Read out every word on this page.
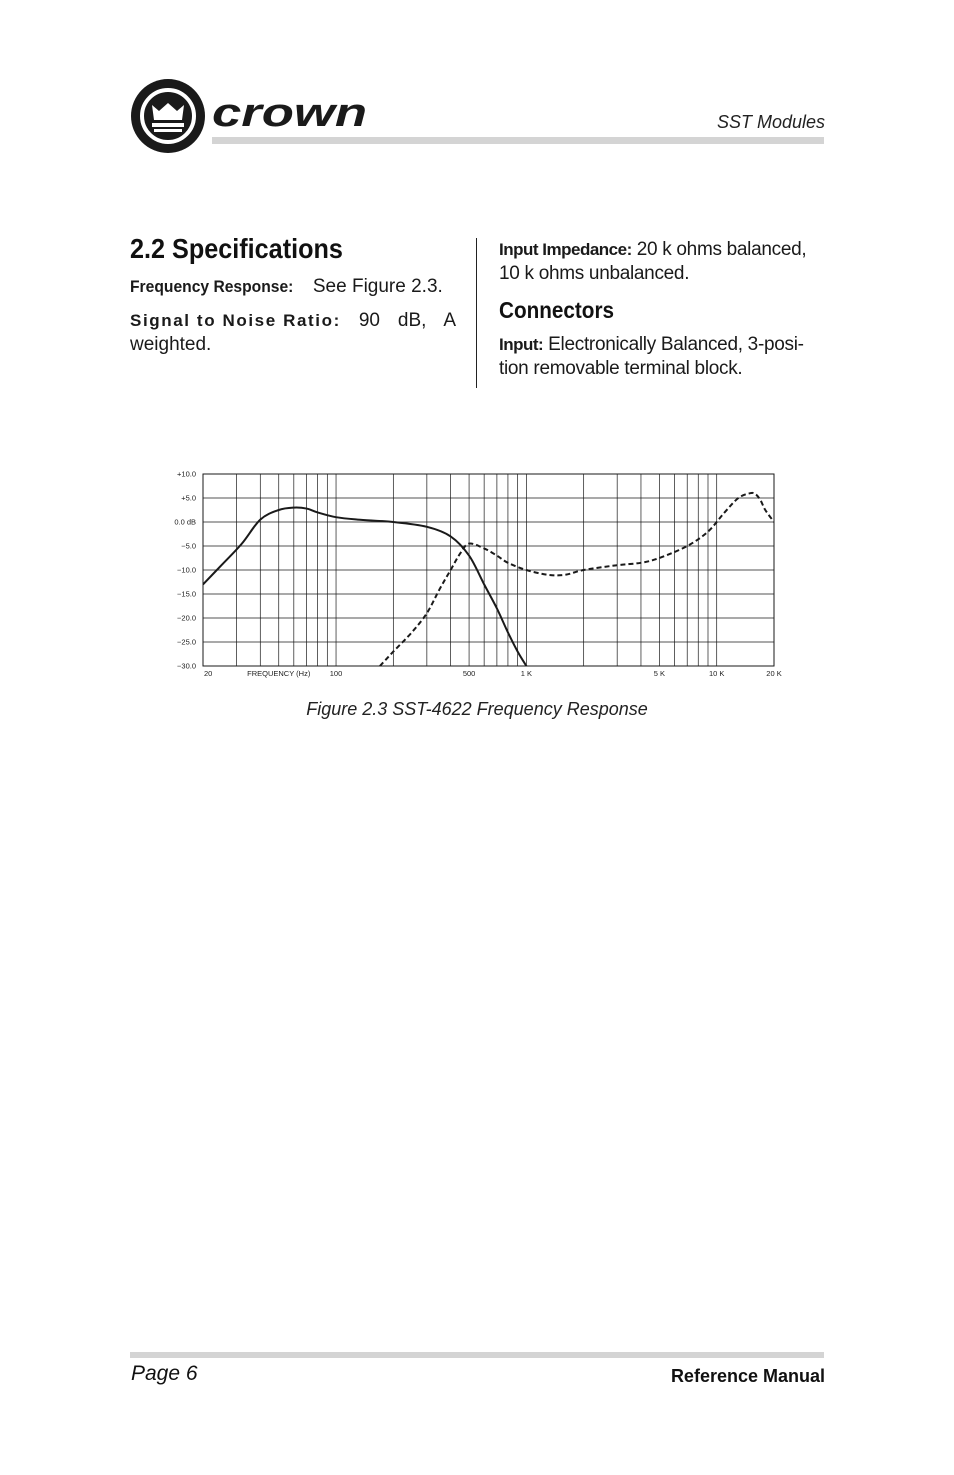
crown	SST Modules
2.2 Specifications
Frequency Response: See Figure 2.3.
Signal to Noise Ratio: 90 dB, A weighted.
Input Impedance: 20 k ohms balanced, 10 k ohms unbalanced.
Connectors
Input: Electronically Balanced, 3-posi- tion removable terminal block.
+10.0
+5.0
0.0 dB
−5.0
−10.0
−15.0
−20.0
−25.0
−30.0
20	100	500	1 K	5 K	10 K	20 K
FREQUENCY (Hz)
Figure 2.3 SST-4622 Frequency Response
Page 6	Reference Manual
